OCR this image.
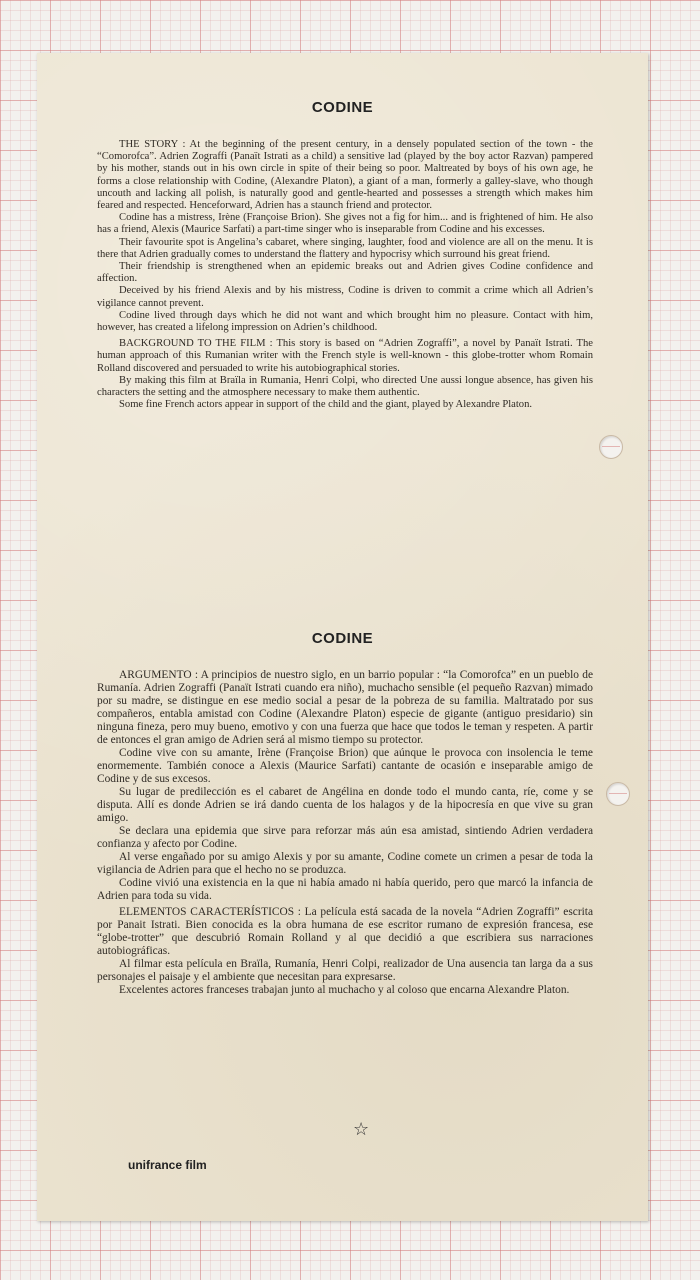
CODINE

THE STORY : At the beginning of the present century, in a densely populated section of the town - the “Comorofca”. Adrien Zograffi (Panaït Istrati as a child) a sensitive lad (played by the boy actor Razvan) pampered by his mother, stands out in his own circle in spite of their being so poor. Maltreated by boys of his own age, he forms a close relationship with Codine, (Alexandre Platon), a giant of a man, formerly a galley-slave, who though uncouth and lacking all polish, is naturally good and gentle-hearted and possesses a strength which makes him feared and respected. Henceforward, Adrien has a staunch friend and protector.

Codine has a mistress, Irène (Françoise Brion). She gives not a fig for him... and is frightened of him. He also has a friend, Alexis (Maurice Sarfati) a part-time singer who is inseparable from Codine and his excesses.

Their favourite spot is Angelina’s cabaret, where singing, laughter, food and violence are all on the menu. It is there that Adrien gradually comes to understand the flattery and hypocrisy which surround his great friend.

Their friendship is strengthened when an epidemic breaks out and Adrien gives Codine confidence and affection.

Deceived by his friend Alexis and by his mistress, Codine is driven to commit a crime which all Adrien’s vigilance cannot prevent.

Codine lived through days which he did not want and which brought him no pleasure. Contact with him, however, has created a lifelong impression on Adrien’s childhood.

BACKGROUND TO THE FILM : This story is based on “Adrien Zograffi”, a novel by Panaït Istrati. The human approach of this Rumanian writer with the French style is well-known - this globe-trotter whom Romain Rolland discovered and persuaded to write his autobiographical stories.

By making this film at Braïla in Rumania, Henri Colpi, who directed Une aussi longue absence, has given his characters the setting and the atmosphere necessary to make them authentic.

Some fine French actors appear in support of the child and the giant, played by Alexandre Platon.

CODINE

ARGUMENTO : A principios de nuestro siglo, en un barrio popular : “la Comorofca” en un pueblo de Rumanía. Adrien Zograffi (Panaït Istrati cuando era niño), muchacho sensible (el pequeño Razvan) mimado por su madre, se distingue en ese medio social a pesar de la pobreza de su familia. Maltratado por sus compañeros, entabla amistad con Codine (Alexandre Platon) especie de gigante (antiguo presidario) sin ninguna fineza, pero muy bueno, emotivo y con una fuerza que hace que todos le teman y respeten. A partir de entonces el gran amigo de Adrien será al mismo tiempo su protector.

Codine vive con su amante, Irène (Françoise Brion) que aúnque le provoca con insolencia le teme enormemente. También conoce a Alexis (Maurice Sarfati) cantante de ocasión e inseparable amigo de Codine y de sus excesos.

Su lugar de predilección es el cabaret de Angélina en donde todo el mundo canta, ríe, come y se disputa. Allí es donde Adrien se irá dando cuenta de los halagos y de la hipocresía en que vive su gran amigo.

Se declara una epidemia que sirve para reforzar más aún esa amistad, sintiendo Adrien verdadera confianza y afecto por Codine.

Al verse engañado por su amigo Alexis y por su amante, Codine comete un crimen a pesar de toda la vigilancia de Adrien para que el hecho no se produzca.

Codine vivió una existencia en la que ni había amado ni había querido, pero que marcó la infancia de Adrien para toda su vida.

ELEMENTOS CARACTERÍSTICOS : La película está sacada de la novela “Adrien Zograffi” escrita por Panait Istrati. Bien conocida es la obra humana de ese escritor rumano de expresión francesa, ese “globe-trotter” que descubrió Romain Rolland y al que decidió a que escribiera sus narraciones autobiográficas.

Al filmar esta película en Braïla, Rumanía, Henri Colpi, realizador de Una ausencia tan larga da a sus personajes el paisaje y el ambiente que necesitan para expresarse.

Excelentes actores franceses trabajan junto al muchacho y al coloso que encarna Alexandre Platon.

☆
unifrance film
